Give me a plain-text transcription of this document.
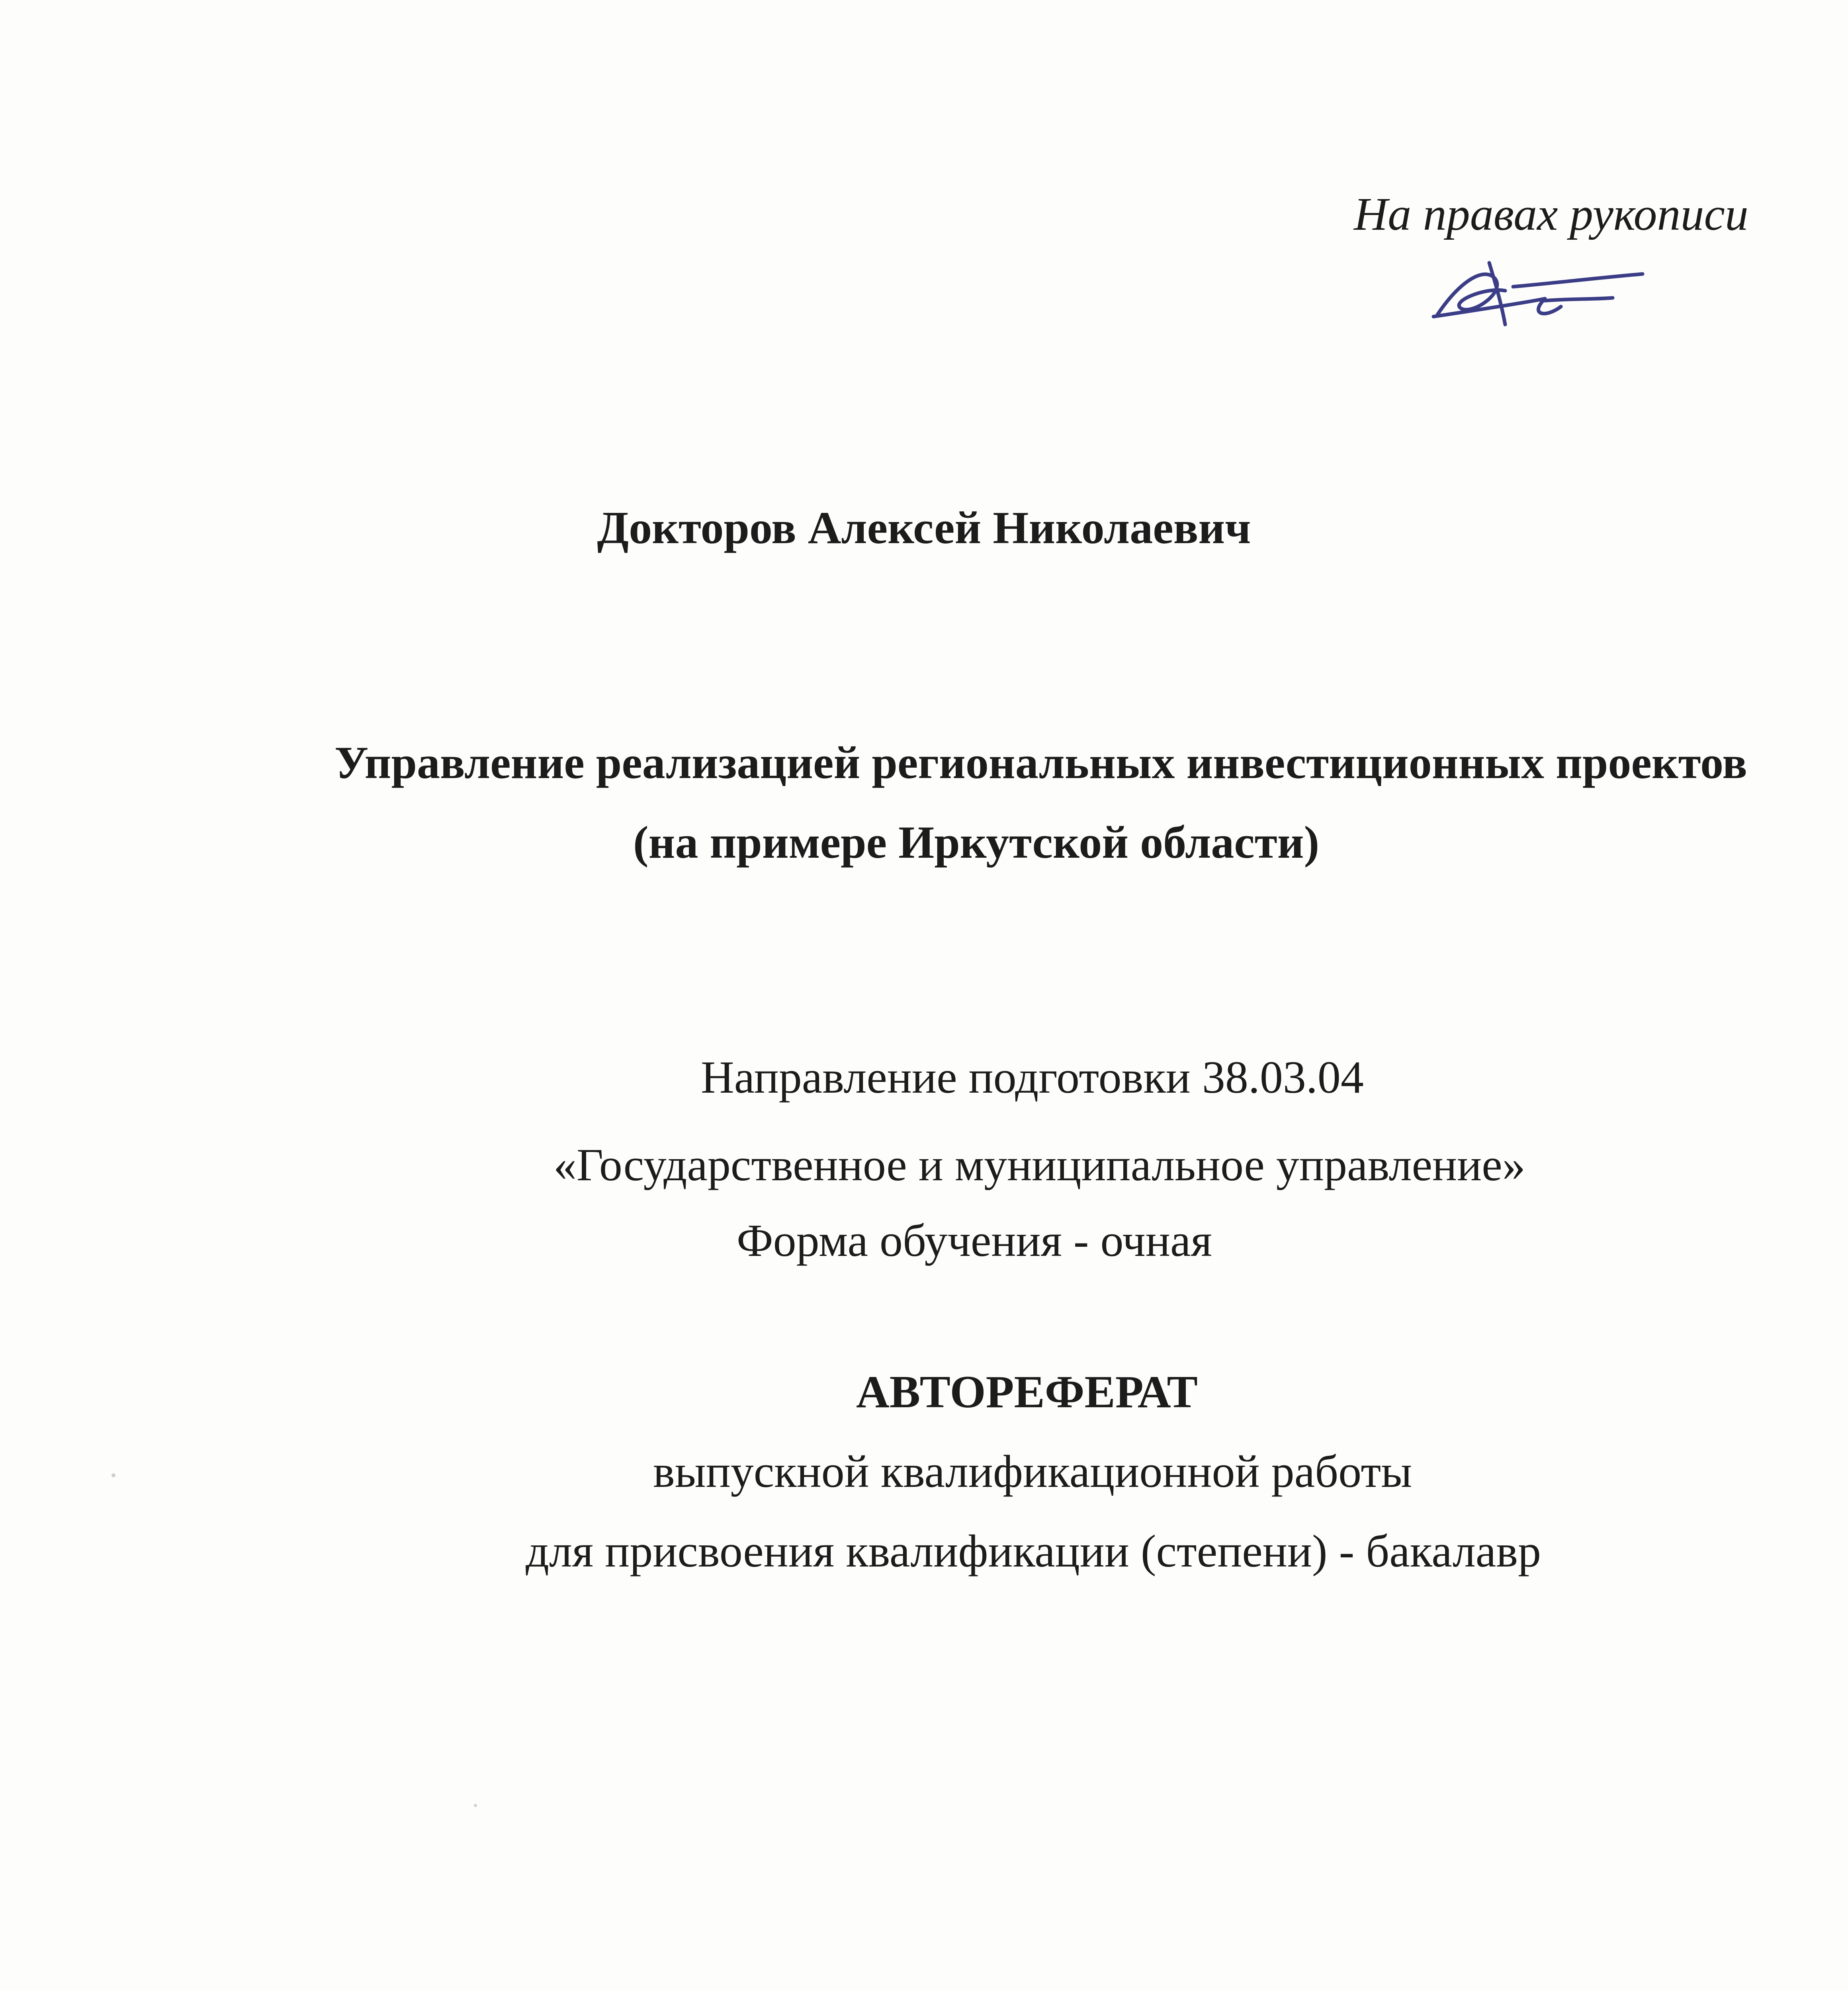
На правах рукописи
Докторов Алексей Николаевич
Управление реализацией региональных инвестиционных проектов
(на примере Иркутской области)
Направление подготовки 38.03.04
«Государственное и муниципальное управление»
Форма обучения - очная
АВТОРЕФЕРАТ
выпускной квалификационной работы
для присвоения квалификации (степени) - бакалавр
